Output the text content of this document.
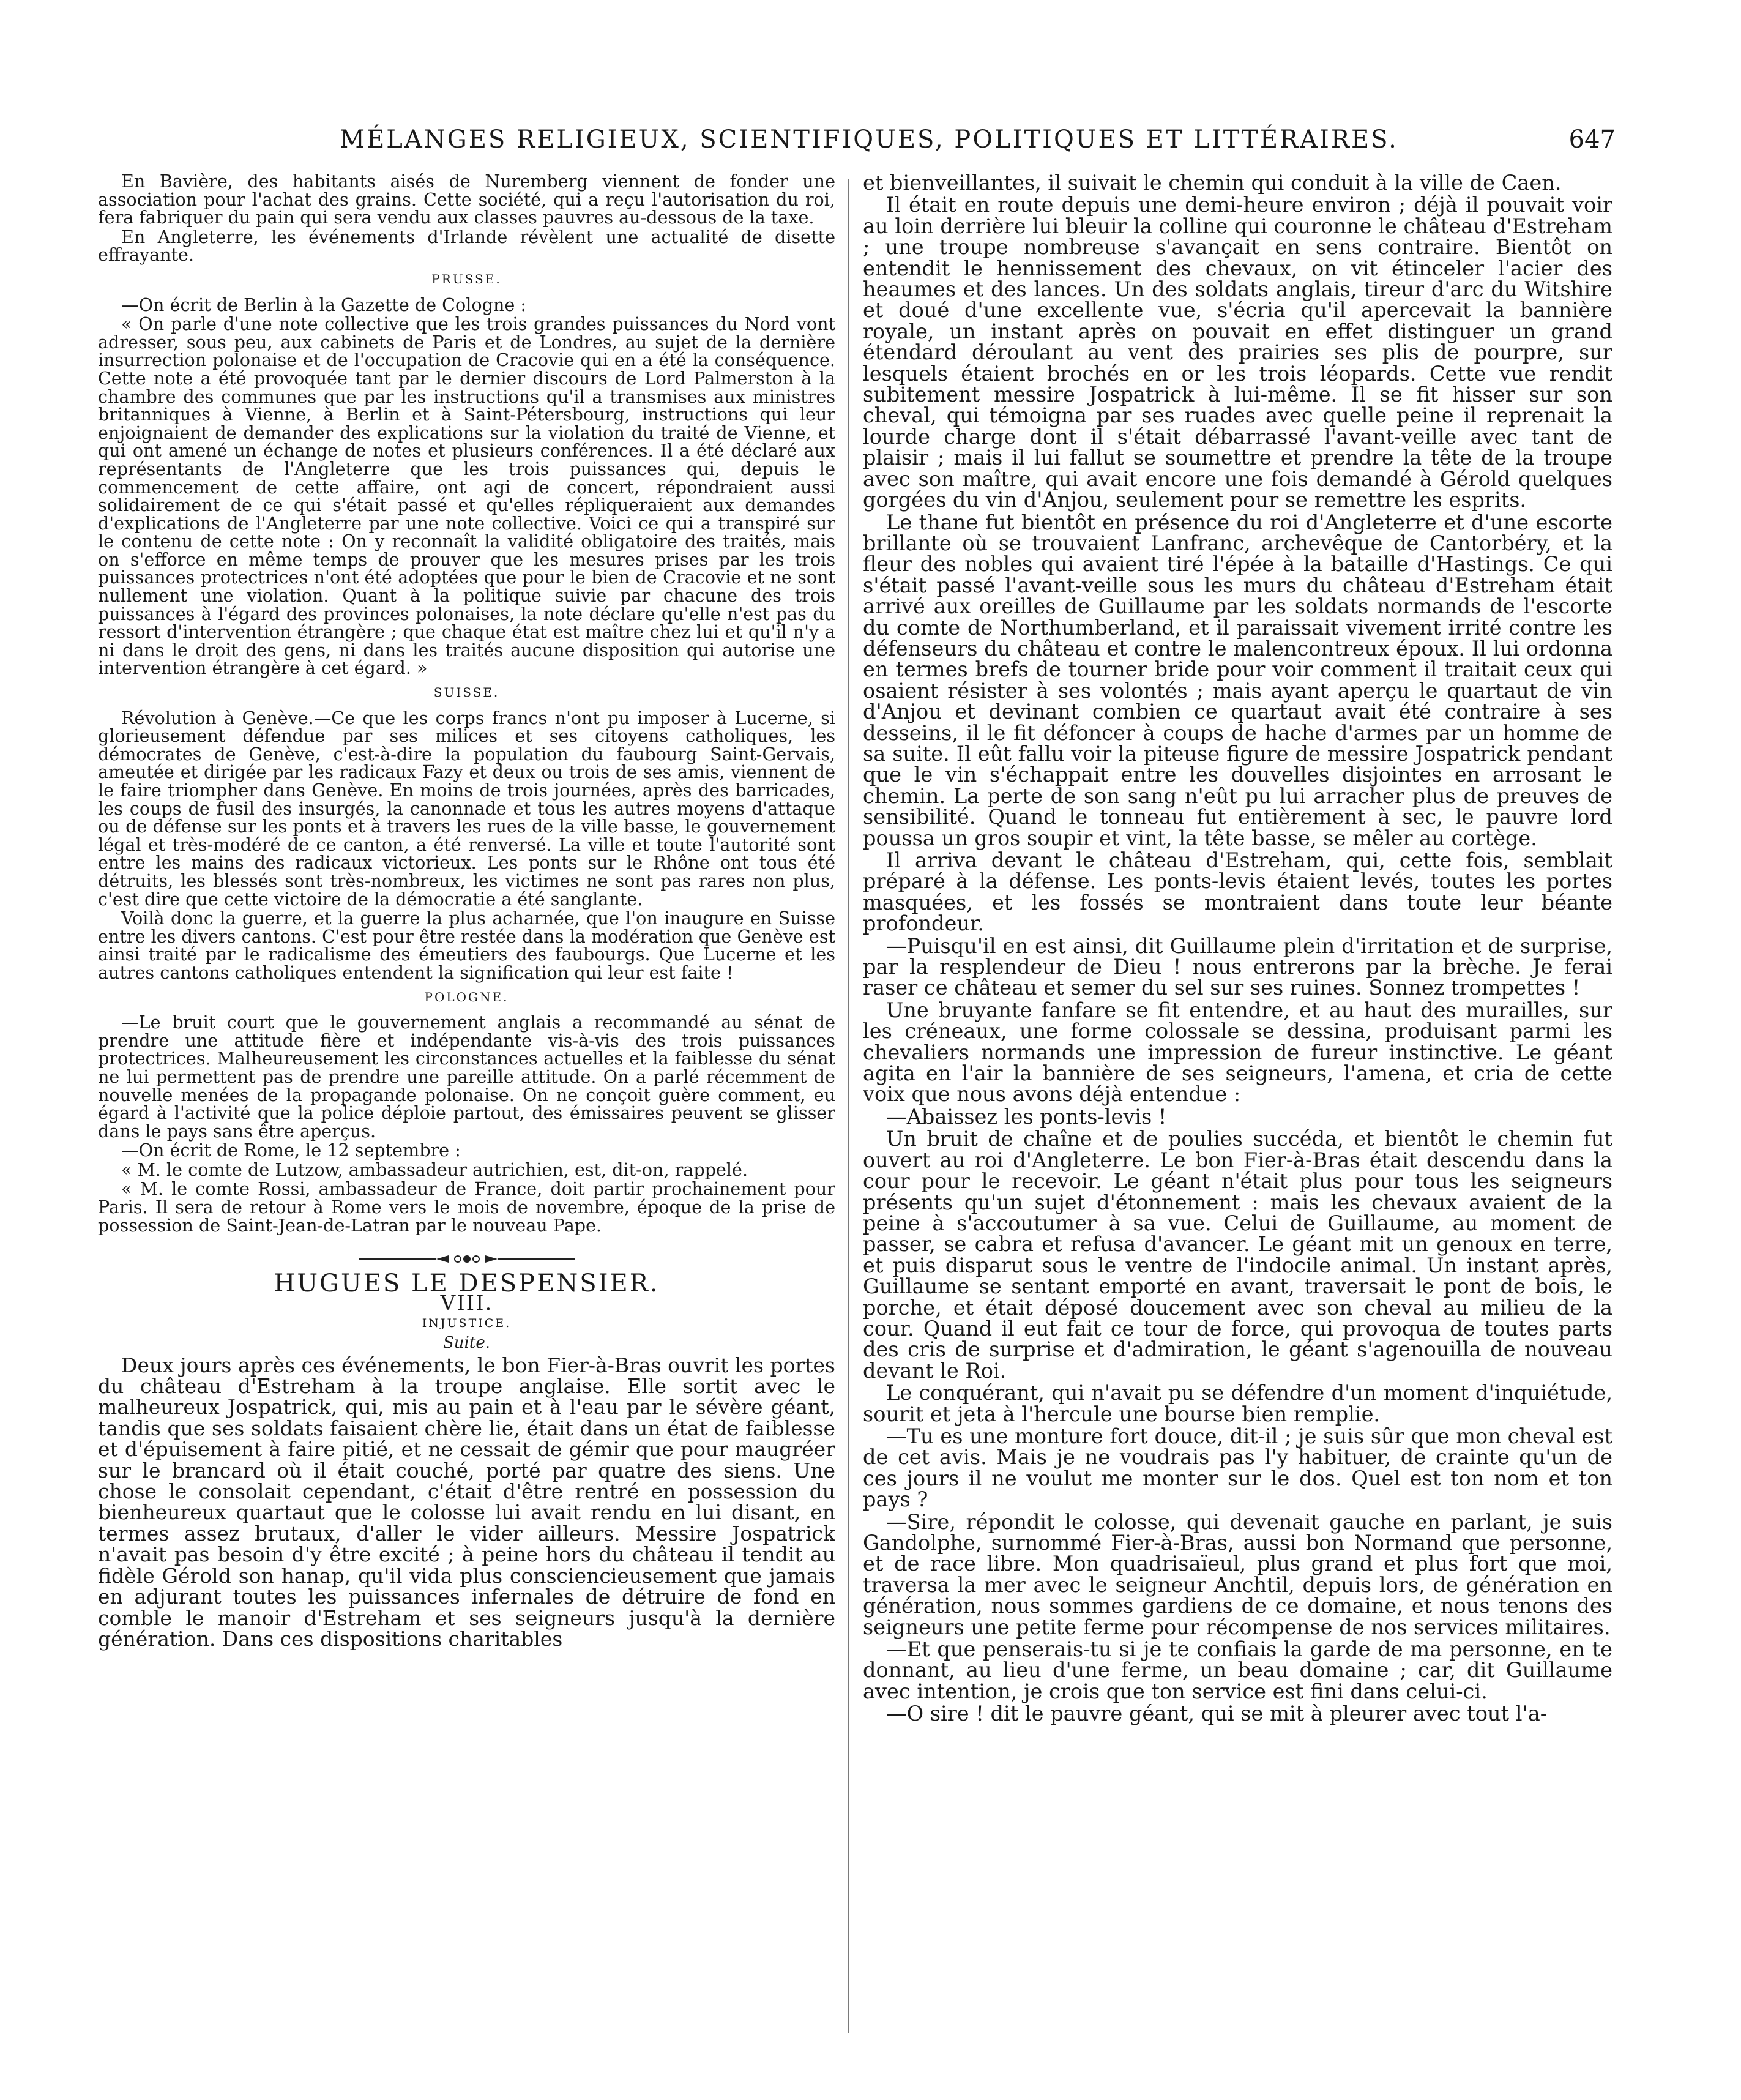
MÉLANGES RELIGIEUX, SCIENTIFIQUES, POLITIQUES ET LITTÉRAIRES.	647

En Bavière, des habitants aisés de Nuremberg viennent de fonder une association pour l'achat des grains. Cette société, qui a reçu l'autorisation du roi, fera fabriquer du pain qui sera vendu aux classes pauvres au-dessous de la taxe.

En Angleterre, les événements d'Irlande révèlent une actualité de disette effrayante.

PRUSSE.

—On écrit de Berlin à la Gazette de Cologne :

« On parle d'une note collective que les trois grandes puissances du Nord vont adresser, sous peu, aux cabinets de Paris et de Londres, au sujet de la dernière insurrection polonaise et de l'occupation de Cracovie qui en a été la conséquence. Cette note a été provoquée tant par le dernier discours de Lord Palmerston à la chambre des communes que par les instructions qu'il a transmises aux ministres britanniques à Vienne, à Berlin et à Saint-Pétersbourg, instructions qui leur enjoignaient de demander des explications sur la violation du traité de Vienne, et qui ont amené un échange de notes et plusieurs conférences. Il a été déclaré aux représentants de l'Angleterre que les trois puissances qui, depuis le commencement de cette affaire, ont agi de concert, répondraient aussi solidairement de ce qui s'était passé et qu'elles répliqueraient aux demandes d'explications de l'Angleterre par une note collective. Voici ce qui a transpiré sur le contenu de cette note : On y reconnaît la validité obligatoire des traités, mais on s'efforce en même temps de prouver que les mesures prises par les trois puissances protectrices n'ont été adoptées que pour le bien de Cracovie et ne sont nullement une violation. Quant à la politique suivie par chacune des trois puissances à l'égard des provinces polonaises, la note déclare qu'elle n'est pas du ressort d'intervention étrangère ; que chaque état est maître chez lui et qu'il n'y a ni dans le droit des gens, ni dans les traités aucune disposition qui autorise une intervention étrangère à cet égard. »

SUISSE.

Révolution à Genève.—Ce que les corps francs n'ont pu imposer à Lucerne, si glorieusement défendue par ses milices et ses citoyens catholiques, les démocrates de Genève, c'est-à-dire la population du faubourg Saint-Gervais, ameutée et dirigée par les radicaux Fazy et deux ou trois de ses amis, viennent de le faire triompher dans Genève. En moins de trois journées, après des barricades, les coups de fusil des insurgés, la canonnade et tous les autres moyens d'attaque ou de défense sur les ponts et à travers les rues de la ville basse, le gouvernement légal et très-modéré de ce canton, a été renversé. La ville et toute l'autorité sont entre les mains des radicaux victorieux. Les ponts sur le Rhône ont tous été détruits, les blessés sont très-nombreux, les victimes ne sont pas rares non plus, c'est dire que cette victoire de la démocratie a été sanglante.

Voilà donc la guerre, et la guerre la plus acharnée, que l'on inaugure en Suisse entre les divers cantons. C'est pour être restée dans la modération que Genève est ainsi traité par le radicalisme des émeutiers des faubourgs. Que Lucerne et les autres cantons catholiques entendent la signification qui leur est faite !

POLOGNE.

—Le bruit court que le gouvernement anglais a recommandé au sénat de prendre une attitude fière et indépendante vis-à-vis des trois puissances protectrices. Malheureusement les circonstances actuelles et la faiblesse du sénat ne lui permettent pas de prendre une pareille attitude. On a parlé récemment de nouvelle menées de la propagande polonaise. On ne conçoit guère comment, eu égard à l'activité que la police déploie partout, des émissaires peuvent se glisser dans le pays sans être aperçus.

—On écrit de Rome, le 12 septembre :

« M. le comte de Lutzow, ambassadeur autrichien, est, dit-on, rappelé.

« M. le comte Rossi, ambassadeur de France, doit partir prochainement pour Paris. Il sera de retour à Rome vers le mois de novembre, époque de la prise de possession de Saint-Jean-de-Latran par le nouveau Pape.

HUGUES LE DESPENSIER.
VIII.
INJUSTICE.
Suite.

Deux jours après ces événements, le bon Fier-à-Bras ouvrit les portes du château d'Estreham à la troupe anglaise. Elle sortit avec le malheureux Jospatrick, qui, mis au pain et à l'eau par le sévère géant, tandis que ses soldats faisaient chère lie, était dans un état de faiblesse et d'épuisement à faire pitié, et ne cessait de gémir que pour maugréer sur le brancard où il était couché, porté par quatre des siens. Une chose le consolait cependant, c'était d'être rentré en possession du bienheureux quartaut que le colosse lui avait rendu en lui disant, en termes assez brutaux, d'aller le vider ailleurs. Messire Jospatrick n'avait pas besoin d'y être excité ; à peine hors du château il tendit au fidèle Gérold son hanap, qu'il vida plus consciencieusement que jamais en adjurant toutes les puissances infernales de détruire de fond en comble le manoir d'Estreham et ses seigneurs jusqu'à la dernière génération. Dans ces dispositions charitables

et bienveillantes, il suivait le chemin qui conduit à la ville de Caen.

Il était en route depuis une demi-heure environ ; déjà il pouvait voir au loin derrière lui bleuir la colline qui couronne le château d'Estreham ; une troupe nombreuse s'avançait en sens contraire. Bientôt on entendit le hennissement des chevaux, on vit étinceler l'acier des heaumes et des lances. Un des soldats anglais, tireur d'arc du Witshire et doué d'une excellente vue, s'écria qu'il apercevait la bannière royale, un instant après on pouvait en effet distinguer un grand étendard déroulant au vent des prairies ses plis de pourpre, sur lesquels étaient brochés en or les trois léopards. Cette vue rendit subitement messire Jospatrick à lui-même. Il se fit hisser sur son cheval, qui témoigna par ses ruades avec quelle peine il reprenait la lourde charge dont il s'était débarrassé l'avant-veille avec tant de plaisir ; mais il lui fallut se soumettre et prendre la tête de la troupe avec son maître, qui avait encore une fois demandé à Gérold quelques gorgées du vin d'Anjou, seulement pour se remettre les esprits.

Le thane fut bientôt en présence du roi d'Angleterre et d'une escorte brillante où se trouvaient Lanfranc, archevêque de Cantorbéry, et la fleur des nobles qui avaient tiré l'épée à la bataille d'Hastings. Ce qui s'était passé l'avant-veille sous les murs du château d'Estreham était arrivé aux oreilles de Guillaume par les soldats normands de l'escorte du comte de Northumberland, et il paraissait vivement irrité contre les défenseurs du château et contre le malencontreux époux. Il lui ordonna en termes brefs de tourner bride pour voir comment il traitait ceux qui osaient résister à ses volontés ; mais ayant aperçu le quartaut de vin d'Anjou et devinant combien ce quartaut avait été contraire à ses desseins, il le fit défoncer à coups de hache d'armes par un homme de sa suite. Il eût fallu voir la piteuse figure de messire Jospatrick pendant que le vin s'échappait entre les douvelles disjointes en arrosant le chemin. La perte de son sang n'eût pu lui arracher plus de preuves de sensibilité. Quand le tonneau fut entièrement à sec, le pauvre lord poussa un gros soupir et vint, la tête basse, se mêler au cortège.

Il arriva devant le château d'Estreham, qui, cette fois, semblait préparé à la défense. Les ponts-levis étaient levés, toutes les portes masquées, et les fossés se montraient dans toute leur béante profondeur.

—Puisqu'il en est ainsi, dit Guillaume plein d'irritation et de surprise, par la resplendeur de Dieu ! nous entrerons par la brèche. Je ferai raser ce château et semer du sel sur ses ruines. Sonnez trompettes !

Une bruyante fanfare se fit entendre, et au haut des murailles, sur les créneaux, une forme colossale se dessina, produisant parmi les chevaliers normands une impression de fureur instinctive. Le géant agita en l'air la bannière de ses seigneurs, l'amena, et cria de cette voix que nous avons déjà entendue :

—Abaissez les ponts-levis !

Un bruit de chaîne et de poulies succéda, et bientôt le chemin fut ouvert au roi d'Angleterre. Le bon Fier-à-Bras était descendu dans la cour pour le recevoir. Le géant n'était plus pour tous les seigneurs présents qu'un sujet d'étonnement : mais les chevaux avaient de la peine à s'accoutumer à sa vue. Celui de Guillaume, au moment de passer, se cabra et refusa d'avancer. Le géant mit un genoux en terre, et puis disparut sous le ventre de l'indocile animal. Un instant après, Guillaume se sentant emporté en avant, traversait le pont de bois, le porche, et était déposé doucement avec son cheval au milieu de la cour. Quand il eut fait ce tour de force, qui provoqua de toutes parts des cris de surprise et d'admiration, le géant s'agenouilla de nouveau devant le Roi.

Le conquérant, qui n'avait pu se défendre d'un moment d'inquiétude, sourit et jeta à l'hercule une bourse bien remplie.

—Tu es une monture fort douce, dit-il ; je suis sûr que mon cheval est de cet avis. Mais je ne voudrais pas l'y habituer, de crainte qu'un de ces jours il ne voulut me monter sur le dos. Quel est ton nom et ton pays ?

—Sire, répondit le colosse, qui devenait gauche en parlant, je suis Gandolphe, surnommé Fier-à-Bras, aussi bon Normand que personne, et de race libre. Mon quadrisaïeul, plus grand et plus fort que moi, traversa la mer avec le seigneur Anchtil, depuis lors, de génération en génération, nous sommes gardiens de ce domaine, et nous tenons des seigneurs une petite ferme pour récompense de nos services militaires.

—Et que penserais-tu si je te confiais la garde de ma personne, en te donnant, au lieu d'une ferme, un beau domaine ; car, dit Guillaume avec intention, je crois que ton service est fini dans celui-ci.

—O sire ! dit le pauvre géant, qui se mit à pleurer avec tout l'a-
